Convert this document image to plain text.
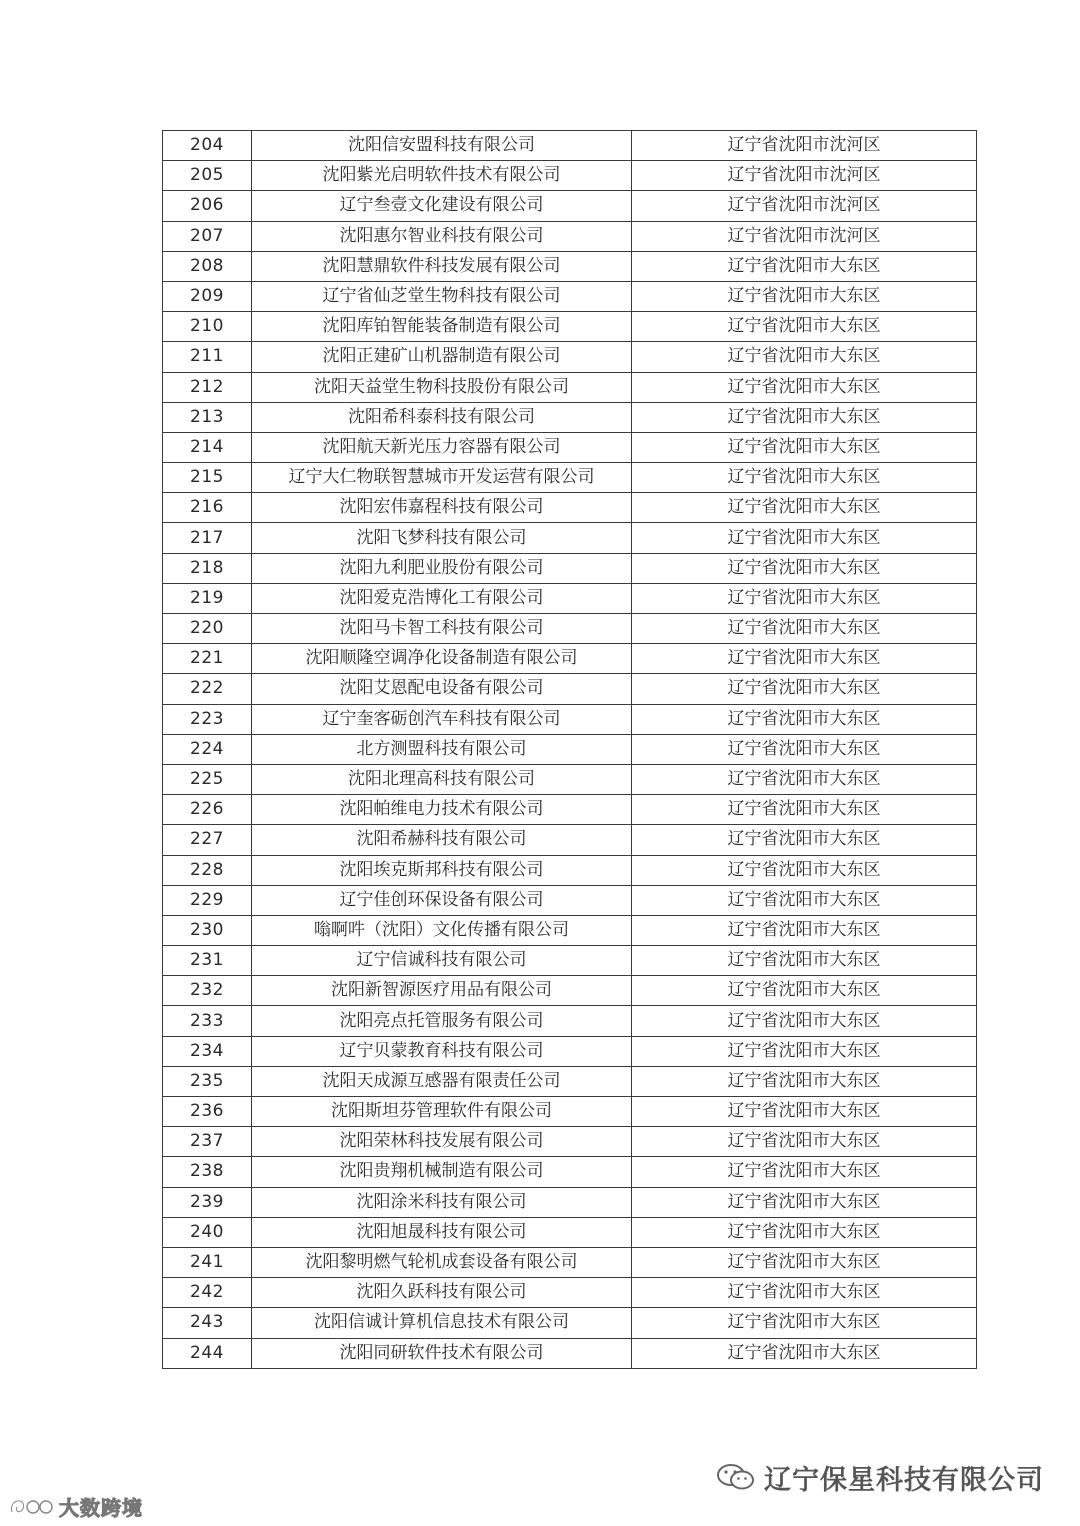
204	沈阳信安盟科技有限公司	辽宁省沈阳市沈河区
205	沈阳紫光启明软件技术有限公司	辽宁省沈阳市沈河区
206	辽宁叁壹文化建设有限公司	辽宁省沈阳市沈河区
207	沈阳惠尔智业科技有限公司	辽宁省沈阳市沈河区
208	沈阳慧鼎软件科技发展有限公司	辽宁省沈阳市大东区
209	辽宁省仙芝堂生物科技有限公司	辽宁省沈阳市大东区
210	沈阳库铂智能装备制造有限公司	辽宁省沈阳市大东区
211	沈阳正建矿山机器制造有限公司	辽宁省沈阳市大东区
212	沈阳天益堂生物科技股份有限公司	辽宁省沈阳市大东区
213	沈阳希科泰科技有限公司	辽宁省沈阳市大东区
214	沈阳航天新光压力容器有限公司	辽宁省沈阳市大东区
215	辽宁大仁物联智慧城市开发运营有限公司	辽宁省沈阳市大东区
216	沈阳宏伟嘉程科技有限公司	辽宁省沈阳市大东区
217	沈阳飞梦科技有限公司	辽宁省沈阳市大东区
218	沈阳九利肥业股份有限公司	辽宁省沈阳市大东区
219	沈阳爱克浩博化工有限公司	辽宁省沈阳市大东区
220	沈阳马卡智工科技有限公司	辽宁省沈阳市大东区
221	沈阳顺隆空调净化设备制造有限公司	辽宁省沈阳市大东区
222	沈阳艾恩配电设备有限公司	辽宁省沈阳市大东区
223	辽宁奎客砺创汽车科技有限公司	辽宁省沈阳市大东区
224	北方测盟科技有限公司	辽宁省沈阳市大东区
225	沈阳北理高科技有限公司	辽宁省沈阳市大东区
226	沈阳帕维电力技术有限公司	辽宁省沈阳市大东区
227	沈阳希赫科技有限公司	辽宁省沈阳市大东区
228	沈阳埃克斯邦科技有限公司	辽宁省沈阳市大东区
229	辽宁佳创环保设备有限公司	辽宁省沈阳市大东区
230	嗡啊吽（沈阳）文化传播有限公司	辽宁省沈阳市大东区
231	辽宁信诚科技有限公司	辽宁省沈阳市大东区
232	沈阳新智源医疗用品有限公司	辽宁省沈阳市大东区
233	沈阳亮点托管服务有限公司	辽宁省沈阳市大东区
234	辽宁贝蒙教育科技有限公司	辽宁省沈阳市大东区
235	沈阳天成源互感器有限责任公司	辽宁省沈阳市大东区
236	沈阳斯坦芬管理软件有限公司	辽宁省沈阳市大东区
237	沈阳荣林科技发展有限公司	辽宁省沈阳市大东区
238	沈阳贵翔机械制造有限公司	辽宁省沈阳市大东区
239	沈阳涂米科技有限公司	辽宁省沈阳市大东区
240	沈阳旭晟科技有限公司	辽宁省沈阳市大东区
241	沈阳黎明燃气轮机成套设备有限公司	辽宁省沈阳市大东区
242	沈阳久跃科技有限公司	辽宁省沈阳市大东区
243	沈阳信诚计算机信息技术有限公司	辽宁省沈阳市大东区
244	沈阳同研软件技术有限公司	辽宁省沈阳市大东区
辽宁保星科技有限公司
大数跨境
